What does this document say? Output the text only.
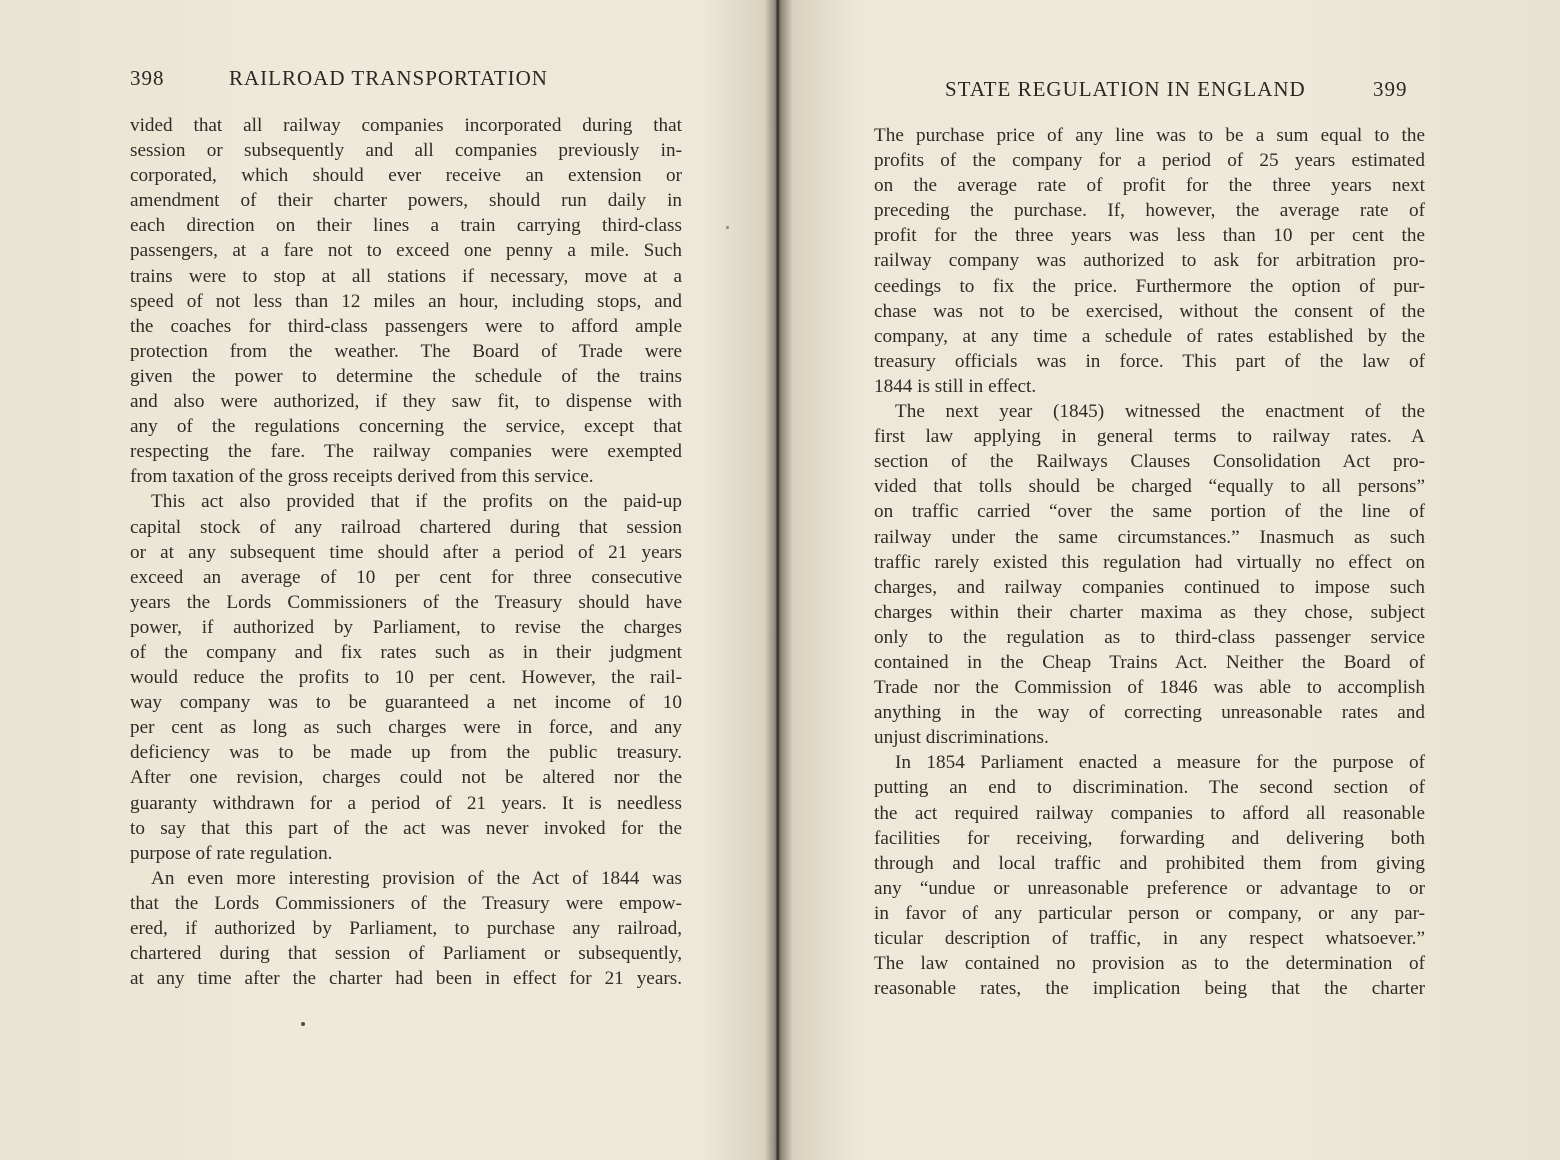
398	RAILROAD TRANSPORTATION
vided that all railway companies incorporated during that
session or subsequently and all companies previously in-
corporated, which should ever receive an extension or
amendment of their charter powers, should run daily in
each direction on their lines a train carrying third-class
passengers, at a fare not to exceed one penny a mile. Such
trains were to stop at all stations if necessary, move at a
speed of not less than 12 miles an hour, including stops, and
the coaches for third-class passengers were to afford ample
protection from the weather. The Board of Trade were
given the power to determine the schedule of the trains
and also were authorized, if they saw fit, to dispense with
any of the regulations concerning the service, except that
respecting the fare. The railway companies were exempted
from taxation of the gross receipts derived from this service.
This act also provided that if the profits on the paid-up
capital stock of any railroad chartered during that session
or at any subsequent time should after a period of 21 years
exceed an average of 10 per cent for three consecutive
years the Lords Commissioners of the Treasury should have
power, if authorized by Parliament, to revise the charges
of the company and fix rates such as in their judgment
would reduce the profits to 10 per cent. However, the rail-
way company was to be guaranteed a net income of 10
per cent as long as such charges were in force, and any
deficiency was to be made up from the public treasury.
After one revision, charges could not be altered nor the
guaranty withdrawn for a period of 21 years. It is needless
to say that this part of the act was never invoked for the
purpose of rate regulation.
An even more interesting provision of the Act of 1844 was
that the Lords Commissioners of the Treasury were empow-
ered, if authorized by Parliament, to purchase any railroad,
chartered during that session of Parliament or subsequently,
at any time after the charter had been in effect for 21 years.
STATE REGULATION IN ENGLAND	399
The purchase price of any line was to be a sum equal to the
profits of the company for a period of 25 years estimated
on the average rate of profit for the three years next
preceding the purchase. If, however, the average rate of
profit for the three years was less than 10 per cent the
railway company was authorized to ask for arbitration pro-
ceedings to fix the price. Furthermore the option of pur-
chase was not to be exercised, without the consent of the
company, at any time a schedule of rates established by the
treasury officials was in force. This part of the law of
1844 is still in effect.
The next year (1845) witnessed the enactment of the
first law applying in general terms to railway rates. A
section of the Railways Clauses Consolidation Act pro-
vided that tolls should be charged “equally to all persons”
on traffic carried “over the same portion of the line of
railway under the same circumstances.” Inasmuch as such
traffic rarely existed this regulation had virtually no effect on
charges, and railway companies continued to impose such
charges within their charter maxima as they chose, subject
only to the regulation as to third-class passenger service
contained in the Cheap Trains Act. Neither the Board of
Trade nor the Commission of 1846 was able to accomplish
anything in the way of correcting unreasonable rates and
unjust discriminations.
In 1854 Parliament enacted a measure for the purpose of
putting an end to discrimination. The second section of
the act required railway companies to afford all reasonable
facilities for receiving, forwarding and delivering both
through and local traffic and prohibited them from giving
any “undue or unreasonable preference or advantage to or
in favor of any particular person or company, or any par-
ticular description of traffic, in any respect whatsoever.”
The law contained no provision as to the determination of
reasonable rates, the implication being that the charter
